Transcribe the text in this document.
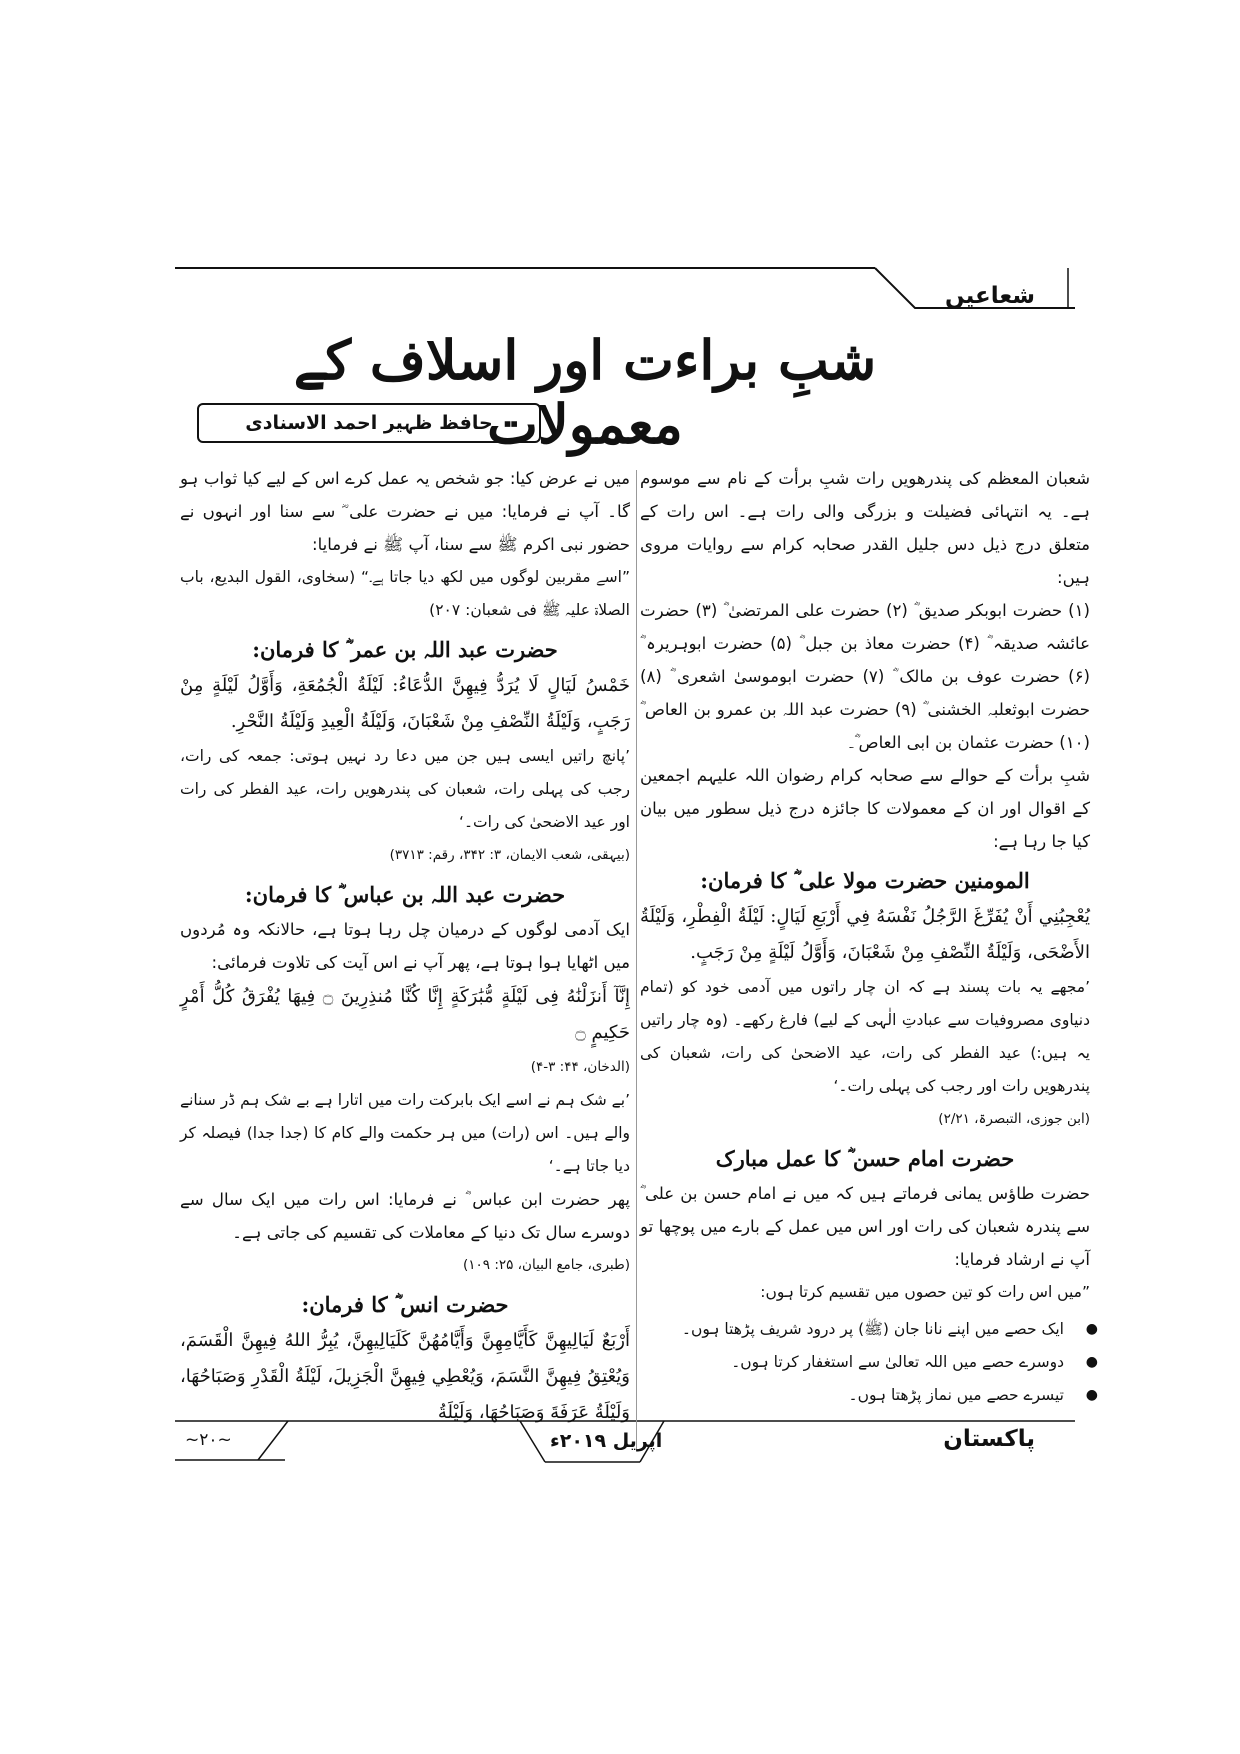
شعاعیں
شبِ براءت اور اسلاف کے معمولات
حافظ ظہیر احمد الاسنادی

شعبان المعظم کی پندرھویں رات شبِ برأت کے نام سے موسوم ہے۔ یہ انتہائی فضیلت و بزرگی والی رات ہے۔ اس رات کے متعلق درج ذیل دس جلیل القدر صحابہ کرام سے روایات مروی ہیں:

(۱) حضرت ابوبکر صدیق ؓ (۲) حضرت علی المرتضیٰ ؓ (۳) حضرت عائشہ صدیقہ ؓ (۴) حضرت معاذ بن جبل ؓ (۵) حضرت ابوہریرہ ؓ (۶) حضرت عوف بن مالک ؓ (۷) حضرت ابوموسیٰ اشعری ؓ (۸) حضرت ابوثعلبہ الخشنی ؓ (۹) حضرت عبد اللہ بن عمرو بن العاص ؓ (۱۰) حضرت عثمان بن ابی العاص ؓ۔

شبِ برأت کے حوالے سے صحابہ کرام رضوان اللہ علیہم اجمعین کے اقوال اور ان کے معمولات کا جائزہ درج ذیل سطور میں بیان کیا جا رہا ہے:

المومنین حضرت مولا علی ؓ کا فرمان:

يُعْجِبُنِي أَنْ يُفَرِّغَ الرَّجُلُ نَفْسَهُ فِي أَرْبَعِ لَيَالٍ: لَيْلَةُ الْفِطْرِ، وَلَيْلَةُ الأَضْحَى، وَلَيْلَةُ النِّصْفِ مِنْ شَعْبَانَ، وَأَوَّلُ لَيْلَةٍ مِنْ رَجَبٍ.

’مجھے یہ بات پسند ہے کہ ان چار راتوں میں آدمی خود کو (تمام دنیاوی مصروفیات سے عبادتِ الٰہی کے لیے) فارغ رکھے۔ (وہ چار راتیں یہ ہیں:) عید الفطر کی رات، عید الاضحیٰ کی رات، شعبان کی پندرھویں رات اور رجب کی پہلی رات۔‘

(ابن جوزی، التبصرۃ، ۲/۲۱)

حضرت امام حسن ؓ کا عمل مبارک

حضرت طاؤس یمانی فرماتے ہیں کہ میں نے امام حسن بن علی ؓ سے پندرہ شعبان کی رات اور اس میں عمل کے بارے میں پوچھا تو آپ نے ارشاد فرمایا:

”میں اس رات کو تین حصوں میں تقسیم کرتا ہوں:

● ایک حصے میں اپنے نانا جان (ﷺ) پر درود شریف پڑھتا ہوں۔
● دوسرے حصے میں اللہ تعالیٰ سے استغفار کرتا ہوں۔
● تیسرے حصے میں نماز پڑھتا ہوں۔

میں نے عرض کیا: جو شخص یہ عمل کرے اس کے لیے کیا ثواب ہو گا۔ آپ نے فرمایا: میں نے حضرت علی ؓ سے سنا اور انہوں نے حضور نبی اکرم ﷺ سے سنا، آپ ﷺ نے فرمایا:

”اسے مقربین لوگوں میں لکھ دیا جاتا ہے۔“ (سخاوی، القول البدیع، باب الصلاۃ علیہ ﷺ فی شعبان: ۲۰۷)

حضرت عبد اللہ بن عمر ؓ کا فرمان:

خَمْسُ لَيَالٍ لَا يُرَدُّ فِيهِنَّ الدُّعَاءُ: لَيْلَةُ الْجُمُعَةِ، وَأَوَّلُ لَيْلَةٍ مِنْ رَجَبٍ، وَلَيْلَةُ النِّصْفِ مِنْ شَعْبَانَ، وَلَيْلَةُ الْعِيدِ وَلَيْلَةُ النَّحْرِ.

’پانچ راتیں ایسی ہیں جن میں دعا رد نہیں ہوتی: جمعہ کی رات، رجب کی پہلی رات، شعبان کی پندرھویں رات، عید الفطر کی رات اور عید الاضحیٰ کی رات۔‘

(بیہقی، شعب الایمان، ۳: ۳۴۲، رقم: ۳۷۱۳)

حضرت عبد اللہ بن عباس ؓ کا فرمان:

ایک آدمی لوگوں کے درمیان چل رہا ہوتا ہے، حالانکہ وہ مُردوں میں اٹھایا ہوا ہوتا ہے، پھر آپ نے اس آیت کی تلاوت فرمائی:

إِنَّآ أَنزَلْنَٰهُ فِى لَيْلَةٍ مُّبَٰرَكَةٍ إِنَّا كُنَّا مُنذِرِينَ ۝ فِيهَا يُفْرَقُ كُلُّ أَمْرٍ حَكِيمٍ ۝

(الدخان، ۴۴: ۳-۴)

’بے شک ہم نے اسے ایک بابرکت رات میں اتارا ہے بے شک ہم ڈر سنانے والے ہیں۔ اس (رات) میں ہر حکمت والے کام کا (جدا جدا) فیصلہ کر دیا جاتا ہے۔‘

پھر حضرت ابن عباس ؓ نے فرمایا: اس رات میں ایک سال سے دوسرے سال تک دنیا کے معاملات کی تقسیم کی جاتی ہے۔

(طبری، جامع البیان، ۲۵: ۱۰۹)

حضرت انس ؓ کا فرمان:

أَرْبَعٌ لَيَالِيهِنَّ كَأَيَّامِهِنَّ وَأَيَّامُهُنَّ كَلَيَالِيهِنَّ، يُبِرُّ اللهُ فِيهِنَّ الْقَسَمَ، وَيُعْتِقُ فِيهِنَّ النَّسَمَ، وَيُعْطِي فِيهِنَّ الْجَزِيلَ، لَيْلَةُ الْقَدْرِ وَصَبَاحُهَا، وَلَيْلَةُ عَرَفَةَ وَصَبَاحُهَا، وَلَيْلَةُ

~۲۰~	اپریل ۲۰۱۹ء	پاکستان
